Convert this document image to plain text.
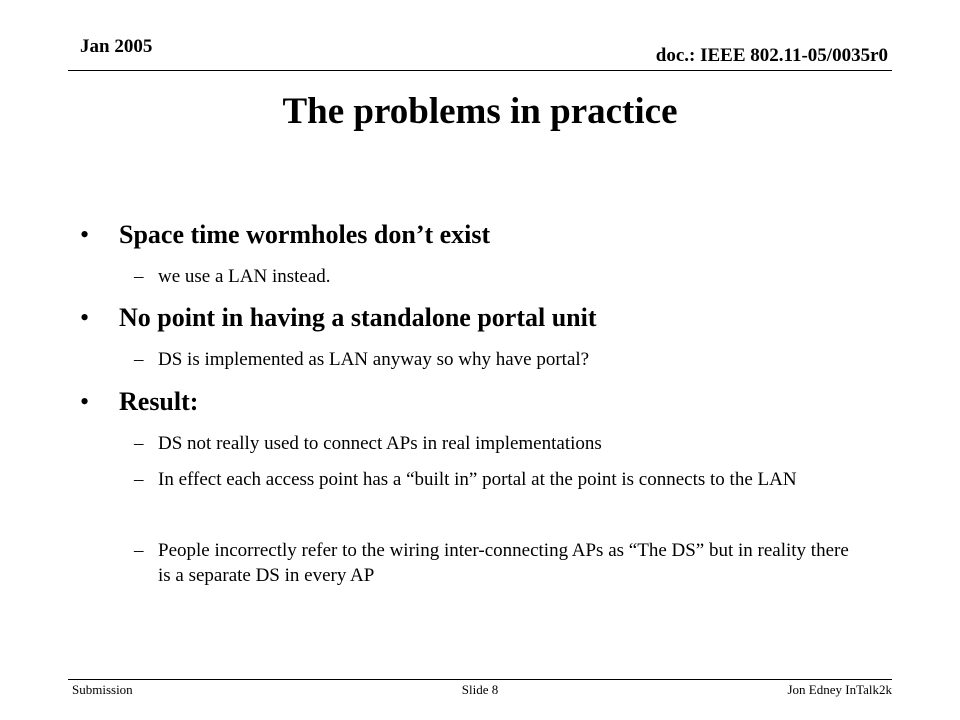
Jan 2005	doc.: IEEE 802.11-05/0035r0
The problems in practice
• Space time wormholes don’t exist
– we use a LAN instead.
• No point in having a standalone portal unit
– DS is implemented as LAN anyway so why have portal?
• Result:
– DS not really used to connect APs in real implementations
– In effect each access point has a “built in” portal at the point is connects to the LAN
– People incorrectly refer to the wiring inter-connecting APs as “The DS” but in reality there is a separate DS in every AP
Submission	Slide 8	Jon Edney InTalk2k
